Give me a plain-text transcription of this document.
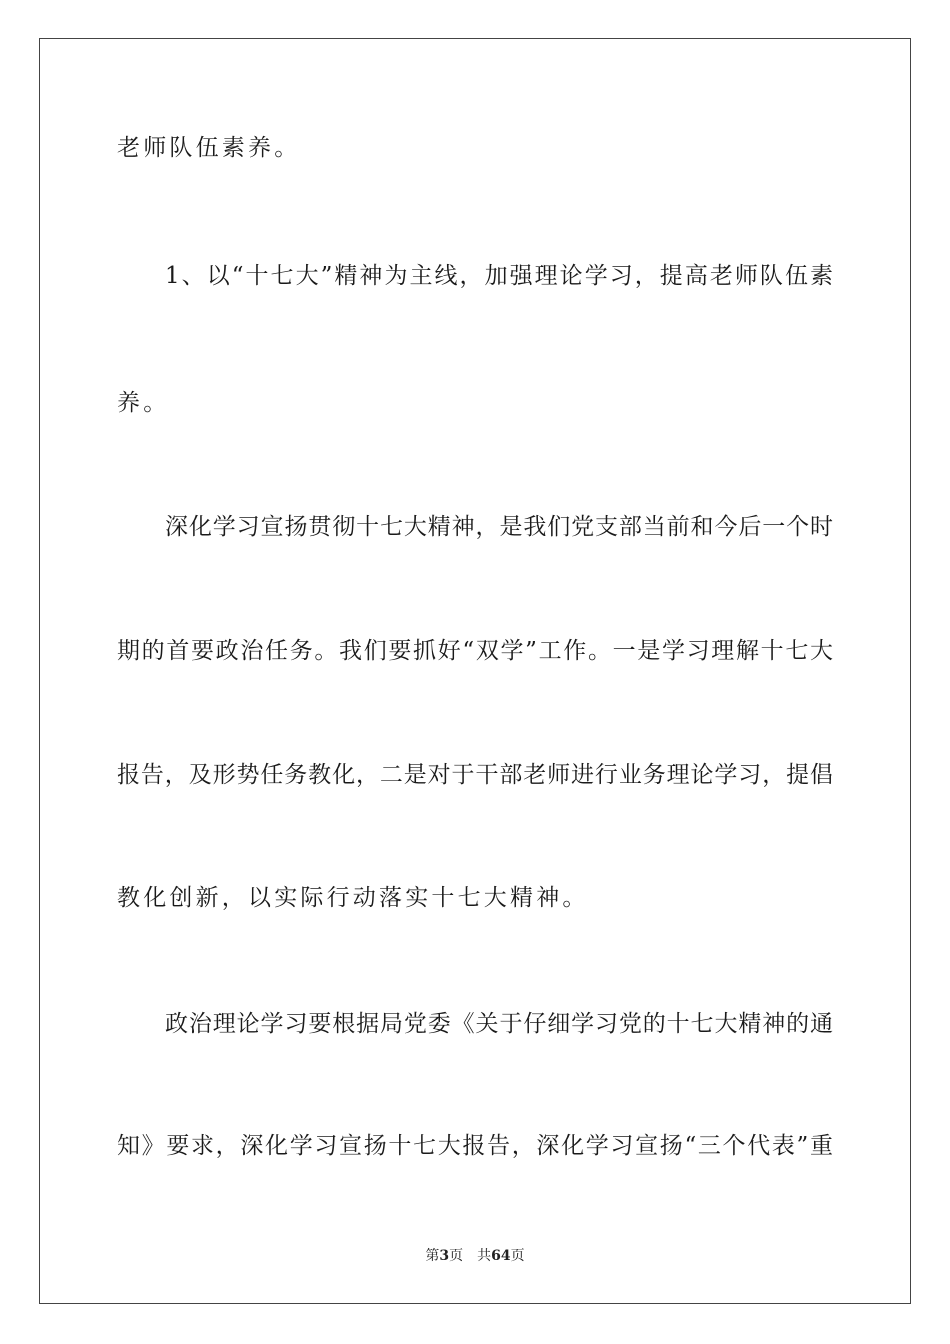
老师队伍素养。
1、以“十七大”精神为主线，加强理论学习，提高老师队伍素
养。
深化学习宣扬贯彻十七大精神，是我们党支部当前和今后一个时
期的首要政治任务。我们要抓好“双学”工作。一是学习理解十七大
报告，及形势任务教化，二是对于干部老师进行业务理论学习，提倡
教化创新，以实际行动落实十七大精神。
政治理论学习要根据局党委《关于仔细学习党的十七大精神的通
知》要求，深化学习宣扬十七大报告，深化学习宣扬“三个代表”重
第3页 共64页
